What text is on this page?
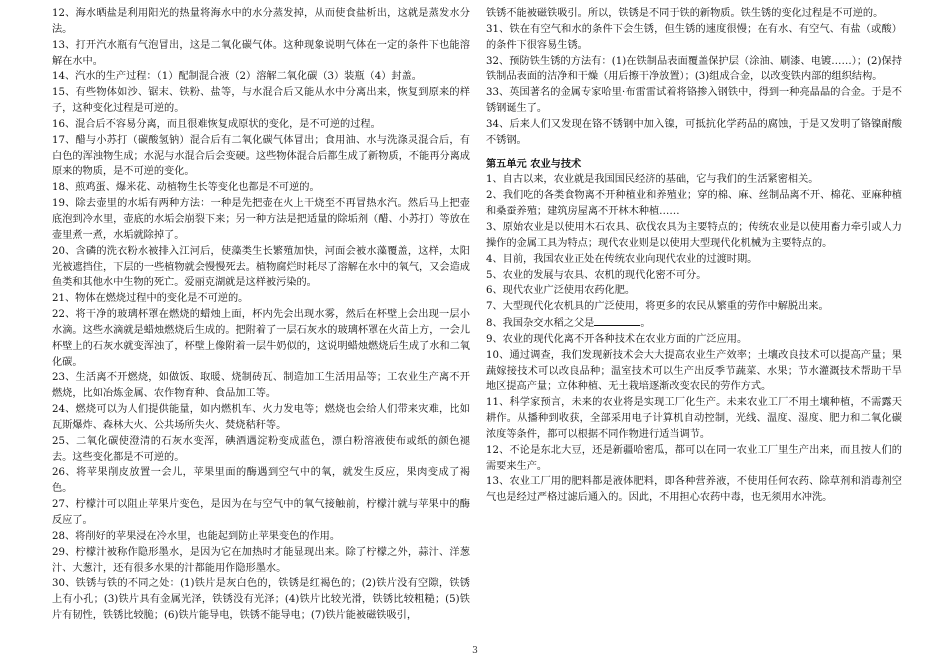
12、海水晒盐是利用阳光的热量将海水中的水分蒸发掉，从而使食盐析出，这就是蒸发水分法。

13、打开汽水瓶有气泡冒出，这是二氧化碳气体。这种现象说明气体在一定的条件下也能溶解在水中。

14、汽水的生产过程：（1）配制混合液（2）溶解二氧化碳（3）装瓶（4）封盖。

15、有些物体如沙、锯末、铁粉、盐等，与水混合后又能从水中分离出来，恢复到原来的样子，这种变化过程是可逆的。

16、混合后不容易分离，而且很难恢复成原状的变化，是不可逆的过程。

17、醋与小苏打（碳酸氢钠）混合后有二氧化碳气体冒出；食用油、水与洗涤灵混合后，有白色的浑浊物生成；水泥与水混合后会变硬。这些物体混合后都生成了新物质，不能再分离成原来的物质，是不可逆的变化。

18、煎鸡蛋、爆米花、动植物生长等变化也都是不可逆的。

19、除去壶里的水垢有两种方法：一种是先把壶在火上干烧至不再冒热水汽。然后马上把壶底泡到冷水里，壶底的水垢会崩裂下来；另一种方法是把适量的除垢剂（醋、小苏打）等放在壶里煮一煮，水垢就除掉了。

20、含磷的洗衣粉水被排入江河后，使藻类生长繁殖加快，河面会被水藻覆盖，这样，太阳光被遮挡住，下层的一些植物就会慢慢死去。植物腐烂时耗尽了溶解在水中的氧气，又会造成鱼类和其他水中生物的死亡。爱丽克湖就是这样被污染的。

21、物体在燃烧过程中的变化是不可逆的。

22、将干净的玻璃杯罩在燃烧的蜡烛上面，杯内先会出现水雾，然后在杯壁上会出现一层小水滴。这些水滴就是蜡烛燃烧后生成的。把附着了一层石灰水的玻璃杯罩在火苗上方，一会儿杯壁上的石灰水就变浑浊了，杯壁上像附着一层牛奶似的，这说明蜡烛燃烧后生成了水和二氧化碳。

23、生活离不开燃烧，如做饭、取暖、烧制砖瓦、制造加工生活用品等；工农业生产离不开燃烧，比如冶炼金属、农作物育种、食品加工等。

24、燃烧可以为人们提供能量，如内燃机车、火力发电等；燃烧也会给人们带来灾难，比如瓦斯爆炸、森林大火、公共场所失火、焚烧秸秆等。

25、二氧化碳使澄清的石灰水变浑，碘酒遇淀粉变成蓝色，漂白粉溶液使布或纸的颜色褪去。这些变化都是不可逆的。

26、将苹果削皮放置一会儿，苹果里面的酶遇到空气中的氧，就发生反应，果肉变成了褐色。

27、柠檬汁可以阻止苹果片变色，是因为在与空气中的氧气接触前，柠檬汁就与苹果中的酶反应了。

28、将削好的苹果浸在冷水里，也能起到防止苹果变色的作用。

29、柠檬汁被称作隐形墨水，是因为它在加热时才能显现出来。除了柠檬之外，蒜汁、洋葱汁、大葱汁，还有很多水果的汁都能用作隐形墨水。

30、铁锈与铁的不同之处：(1)铁片是灰白色的，铁锈是红褐色的；(2)铁片没有空隙，铁锈上有小孔；(3)铁片具有金属光泽，铁锈没有光泽；(4)铁片比较光滑，铁锈比较粗糙；(5)铁片有韧性，铁锈比较脆；(6)铁片能导电，铁锈不能导电；(7)铁片能被磁铁吸引，

铁锈不能被磁铁吸引。所以，铁锈是不同于铁的新物质。铁生锈的变化过程是不可逆的。

31、铁在有空气和水的条件下会生锈，但生锈的速度很慢；在有水、有空气、有盐（或酸）的条件下很容易生锈。

32、预防铁生锈的方法有：(1)在铁制品表面覆盖保护层（涂油、刷漆、电镀……）；(2)保持铁制品表面的洁净和干燥（用后擦干净放置）；(3)组成合金，以改变铁内部的组织结构。

33、英国著名的金属专家哈里·布雷雷试着将铬掺入钢铁中，得到一种亮晶晶的合金。于是不锈钢诞生了。

34、后来人们又发现在铬不锈钢中加入镍，可抵抗化学药品的腐蚀，于是又发明了铬镍耐酸不锈钢。

第五单元 农业与技术

1、自古以来，农业就是我国国民经济的基础，它与我们的生活紧密相关。

2、我们吃的各类食物离不开种植业和养殖业；穿的棉、麻、丝制品离不开、棉花、亚麻种植和桑蚕养殖；建筑房屋离不开林木种植……

3、原始农业是以使用木石农具、砍伐农具为主要特点的；传统农业是以使用畜力牵引或人力操作的金属工具为特点；现代农业则是以使用大型现代化机械为主要特点的。

4、目前，我国农业正处在传统农业向现代农业的过渡时期。

5、农业的发展与农具、农机的现代化密不可分。

6、现代农业广泛使用农药化肥。

7、大型现代化农机具的广泛使用，将更多的农民从繁重的劳作中解脱出来。

8、我国杂交水稻之父是	。

9、农业的现代化离不开各种技术在农业方面的广泛应用。

10、通过调查，我们发现新技术会大大提高农业生产效率；土壤改良技术可以提高产量；果蔬嫁接技术可以改良品种；温室技术可以生产出反季节蔬菜、水果；节水灌溉技术帮助干旱地区提高产量；立体种植、无土栽培逐渐改变农民的劳作方式。

11、科学家预言，未来的农业将是实现工厂化生产。未来农业工厂不用土壤种植，不需露天耕作。从播种到收获，全部采用电子计算机自动控制，光线、温度、湿度、肥力和二氧化碳浓度等条件，都可以根据不同作物进行适当调节。

12、不论是东北大豆，还是新疆哈密瓜，都可以在同一农业工厂里生产出来，而且按人们的需要来生产。

13、农业工厂用的肥料都是液体肥料，即各种营养液，不使用任何农药、除草剂和消毒剂空气也是经过严格过滤后通入的。因此，不用担心农药中毒，也无须用水冲洗。

3
